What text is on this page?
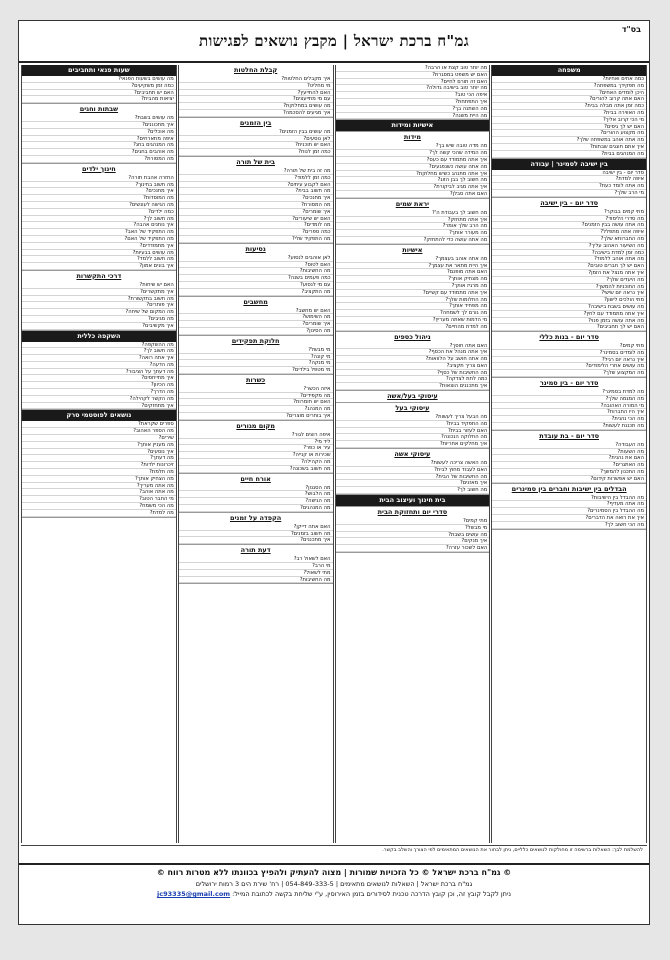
בס"ד
גמ"ח ברכת ישראל | מקבץ נושאים לפגישות
משפחה
כמה אחים ואחיות?
מה תפקידך במשפחה?
היכן לומדים האחים?
האם אתה קרוב להורים?
כמה זמן אתה מבלה בבית?
מה האווירה בבית?
מי הכי קרוב אליך?
האם יש לך גיסים?
מה מקצוע ההורים?
מה אתה אוהב במשפחה שלך?
איך אתם חוגגים שבתות?
מה המנהגים בבית?
בין ישיבה לסמינר | עבודה
סדר יום - בין ישיבה
איפה למדת?
מה אתה לומד כעת?
מי הרב שלך?
סדר יום - בין ישיבה
מתי קמים בבוקר?
מה סדרי הלימוד?
מה אתה עושה בבין הזמנים?
איפה אתה מתפלל?
מה החברותא שלך?
מה השיעור האהוב עליך?
כמה זמן למדת בישיבה?
מה אתה אוהב ללמוד?
האם יש לך חברים טובים?
איך אתה מנצל את הזמן?
מה היעדים שלך?
מה התוכניות להמשך?
איך נראה יום שישי?
מתי הולכים לישון?
מה עושים בשבת בישיבה?
איך אתה מתמודד עם לחץ?
מה אתה עושה בזמן פנוי?
האם יש לך תחביבים?
סדר יום - בנות כללי
מתי קמים?
מה לומדים בסמינר?
איך נראה יום רגיל?
מה עושים אחרי הלימודים?
מה המקצוע שלך?
סדר יום - בין סמינר
מה למדת בסמינר?
מה המגמה שלך?
מי המורה האהובה?
איך היו החברות?
מה הכי נהנית?
מה תכננת לעשות?
סדר יום - בת עובדת
מה העבודה?
מה השעות?
האם את נהנית?
מה האתגרים?
מה התכנון להמשך?
האם יש אפשרות קידום?
הבדלים בין ישיבות וחברים בין סמינרים
מה ההבדל בין הישיבות?
מה אתה מעדיף?
מה ההבדל בין הסמינרים?
איך את רואה את הדברים?
מה הכי חשוב לך?
מה יותר טוב קצת או הרבה?
האם יש משפט במסגרת?
האם זה תורם לחיים?
מה יותר טוב בישיבה גדולה?
איפה הכי טוב?
איך התפתחת?
מה השתנה בך?
מה היית משנה?
אישיות ומידות
מידות
מה מדה טובה שיש בך?
מה המידה שהכי קשה לך?
איך אתה מתמודד עם כעס?
מה אתה עושה כשנפגעים?
איך אתה מתנהג כשיש מחלוקת?
מה חשוב לך בבן הזוג?
איך אתה מגיב לביקורת?
האם אתה סבלן?
יראת שמים
מה חשוב לך בעבודת ה'?
איך אתה מתחזק?
מה הרב שלך אומר?
מה מעורר אותך?
מה אתה עושה כדי להתחזק?
אישיות
מה אתה אוהב בעצמך?
איך היית מתאר את עצמך?
האם אתה מופנם?
מה מצחיק אותך?
מה מרגיז אותך?
איך אתה מתמודד עם קשיים?
מה החלומות שלך?
מה מפחיד אותך?
מה גורם לך לשמחה?
מי הדמות שאתה מעריץ?
מה למדת מהחיים?
ניהול כספים
האם אתה חוסך?
איך אתה מנהל את הכסף?
מה אתה חושב על הלוואות?
האם צריך תקציב?
מה החשיבות של כסף?
כמה לתת לצדקה?
איך מתכננים הוצאות?
עיסוקי בעל/אשה
עיסוקי בעל
מה הבעל צריך לעשות?
מה התפקיד בבית?
האם לעזור בבית?
מה החלוקה הנכונה?
איך מחלקים אחריות?
עיסוקי אשה
מה האשה צריכה לעשות?
האם לעבוד מחוץ לבית?
מה החשיבות של הבית?
איך מאזנים?
מה חשוב לך?
בית חינוך ועיצוב הבית
סדרי יום ותחזוקת הבית
מתי קמים?
מי מבשל?
מה עושים בשבת?
איך מנקים?
האם לשכור עזרה?
קבלת החלטות
איך מקבלים החלטות?
מי מחליט?
האם להתייעץ?
עם מי מתייעצים?
מה עושים במחלוקת?
איך מגיעים להסכמה?
בין הזמנים
מה עושים בבין הזמנים?
לאן נוסעים?
האם יש תוכנית?
כמה זמן לנוח?
בית של תורה
מה זה בית של תורה?
כמה זמן ללמוד?
האם לקבוע עיתים?
מה חשוב בבית?
איך מחנכים?
מה המסורת?
איך שומרים?
האם יש שיעורים?
מה לומדים?
כמה ספרים?
מה התפקיד שלי?
נסיעות
לאן אוהבים לנסוע?
האם לטוס?
מה החשיבות?
כמה פעמים בשנה?
עם מי לנסוע?
מה התקציב?
מחשבים
האם יש מחשב?
מה השימוש?
איך שומרים?
מה הסינון?
חלוקת תפקידים
מי מבשל?
מי קונה?
מי מנקה?
מי מטפל בילדים?
כשרות
איזה הכשר?
מה מקפידים?
האם יש חומרות?
מה המנהג?
איך בוחרים מוצרים?
מקום מגורים
איפה רוצים לגור?
ליד מי?
עיר או כפר?
שכירות או קנייה?
מה הקהילה?
מה חשוב בשכונה?
אורח חיים
מה הסגנון?
מה הלבוש?
מה הגישה?
מה המנהגים?
הקפדה על זמנים
האם אתה דייקן?
מה חשוב בזמנים?
איך מתכננים?
דעת תורה
האם לשאול רב?
מי הרב?
מתי לשאול?
מה החשיבות?
שעות פנאי ותחביבים
מה עושים בשעות הפנאי?
כמה זמן משקיעים?
האם יש תחביבים?
יציאות מהבית?
שבתות וחגים
מה עושים בשבת?
איך מתכוננים?
מה אוכלים?
איפה מתארחים?
מה המנהגים בחג?
מה אוהבים בחגים?
מה המסורת?
חינוך ילדים
החזרה אהבת תורה?
מה חשוב בחינוך?
איך מחנכים?
מה המוסדות?
מה הגישה לעונשים?
כמה ילדים?
מה חשוב לך?
איך נותנים אהבה?
מה התפקיד של האב?
מה התפקיד של האם?
איך מתמודדים?
מה עושים בבעיות?
מה חשוב ללמד?
איך בונים אמון?
דרכי התקשרות
האם יש שיחות?
איך מתקשרים?
מה חשוב בתקשורת?
איך פותרים?
מה המקום של שיחה?
מה מגיבים?
איך מקשיבים?
השקפה כללית
מה ההשקפה?
מה חשוב לך?
איך אתה רואה?
מה הדעה?
מה דעתך על הציבור?
איך מתייחסים?
מה הכיוון?
מה הדרך?
מה הקשר לקהילה?
איך מתחזקים?
נושאים לפוסטמי סרק
ספרים שקראת?
מה הספר האהוב?
שירים?
מה מעניין אותך?
איך נוסעים?
מה דעתך?
זיכרונות ילדות?
מה חלמת?
מה הצחיק אותך?
מה אתה מעריך?
מה אתה אוהב?
מי החבר הטוב?
מה הכי משמח?
מה למדת?
להשלמת לבך: השאלות ברשימה זו מחולקות לנושאים כלליים, ניתן לבחור את הנושאים המתאימים לפי הצורך והשלב בקשר.
© גמ"ח ברכת ישראל © כל הזכויות שמורות | מצוה להעתיק ולהפיץ בכוונתו ללא מטרות רווח ©
גמ"ח ברכת ישראל | השאלות לנושאים מתאימים | 054-849-333-5 | רח' שירת הים 3 רמות ירושלים
ניתן לקבל קובץ זה, וכן קובץ הדרכה טכנית לסידורים בזמן האירוסין, ע"י שליחת בקשה לכתובת המייל: jc93335@gmail.com
